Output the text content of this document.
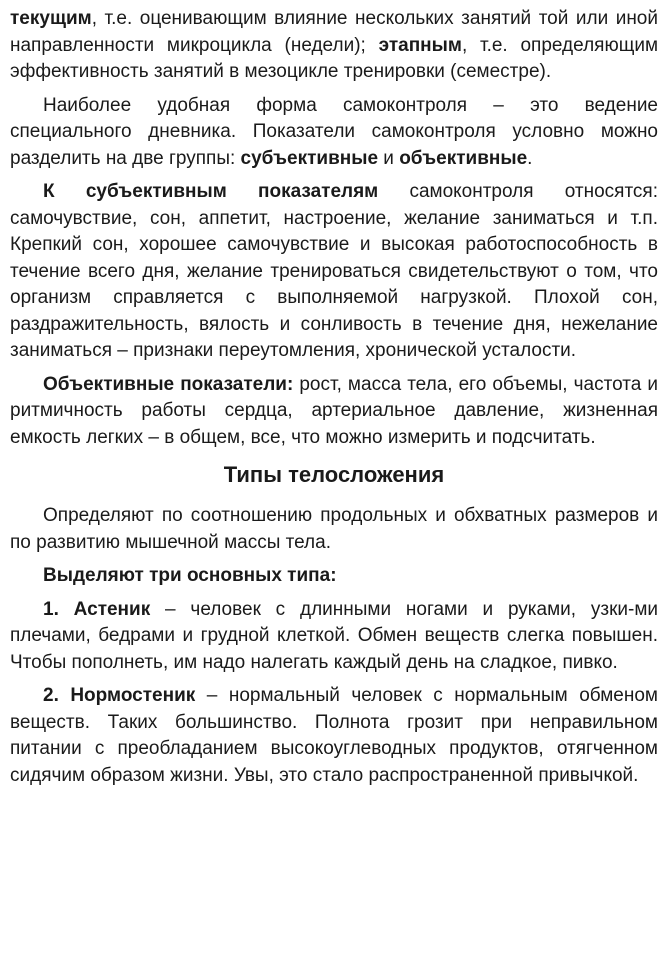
текущим, т.е. оценивающим влияние нескольких занятий той или иной направленности микроцикла (недели); этапным, т.е. определяющим эффективность занятий в мезоцикле тренировки (семестре).

Наиболее удобная форма самоконтроля – это ведение специального дневника. Показатели самоконтроля условно можно разделить на две группы: субъективные и объективные.

К субъективным показателям самоконтроля относятся: самочувствие, сон, аппетит, настроение, желание заниматься и т.п. Крепкий сон, хорошее самочувствие и высокая работоспособность в течение всего дня, желание тренироваться свидетельствуют о том, что организм справляется с выполняемой нагрузкой. Плохой сон, раздражительность, вялость и сонливость в течение дня, нежелание заниматься – признаки переутомления, хронической усталости.

Объективные показатели: рост, масса тела, его объемы, частота и ритмичность работы сердца, артериальное давление, жизненная емкость легких – в общем, все, что можно измерить и подсчитать.

Типы телосложения

Определяют по соотношению продольных и обхватных размеров и по развитию мышечной массы тела.

Выделяют три основных типа:

1. Астеник – человек с длинными ногами и руками, узки-ми плечами, бедрами и грудной клеткой. Обмен веществ слегка повышен. Чтобы пополнеть, им надо налегать каждый день на сладкое, пивко.

2. Нормостеник – нормальный человек с нормальным обменом веществ. Таких большинство. Полнота грозит при неправильном питании с преобладанием высокоуглеводных продуктов, отягченном сидячим образом жизни. Увы, это стало распространенной привычкой.
